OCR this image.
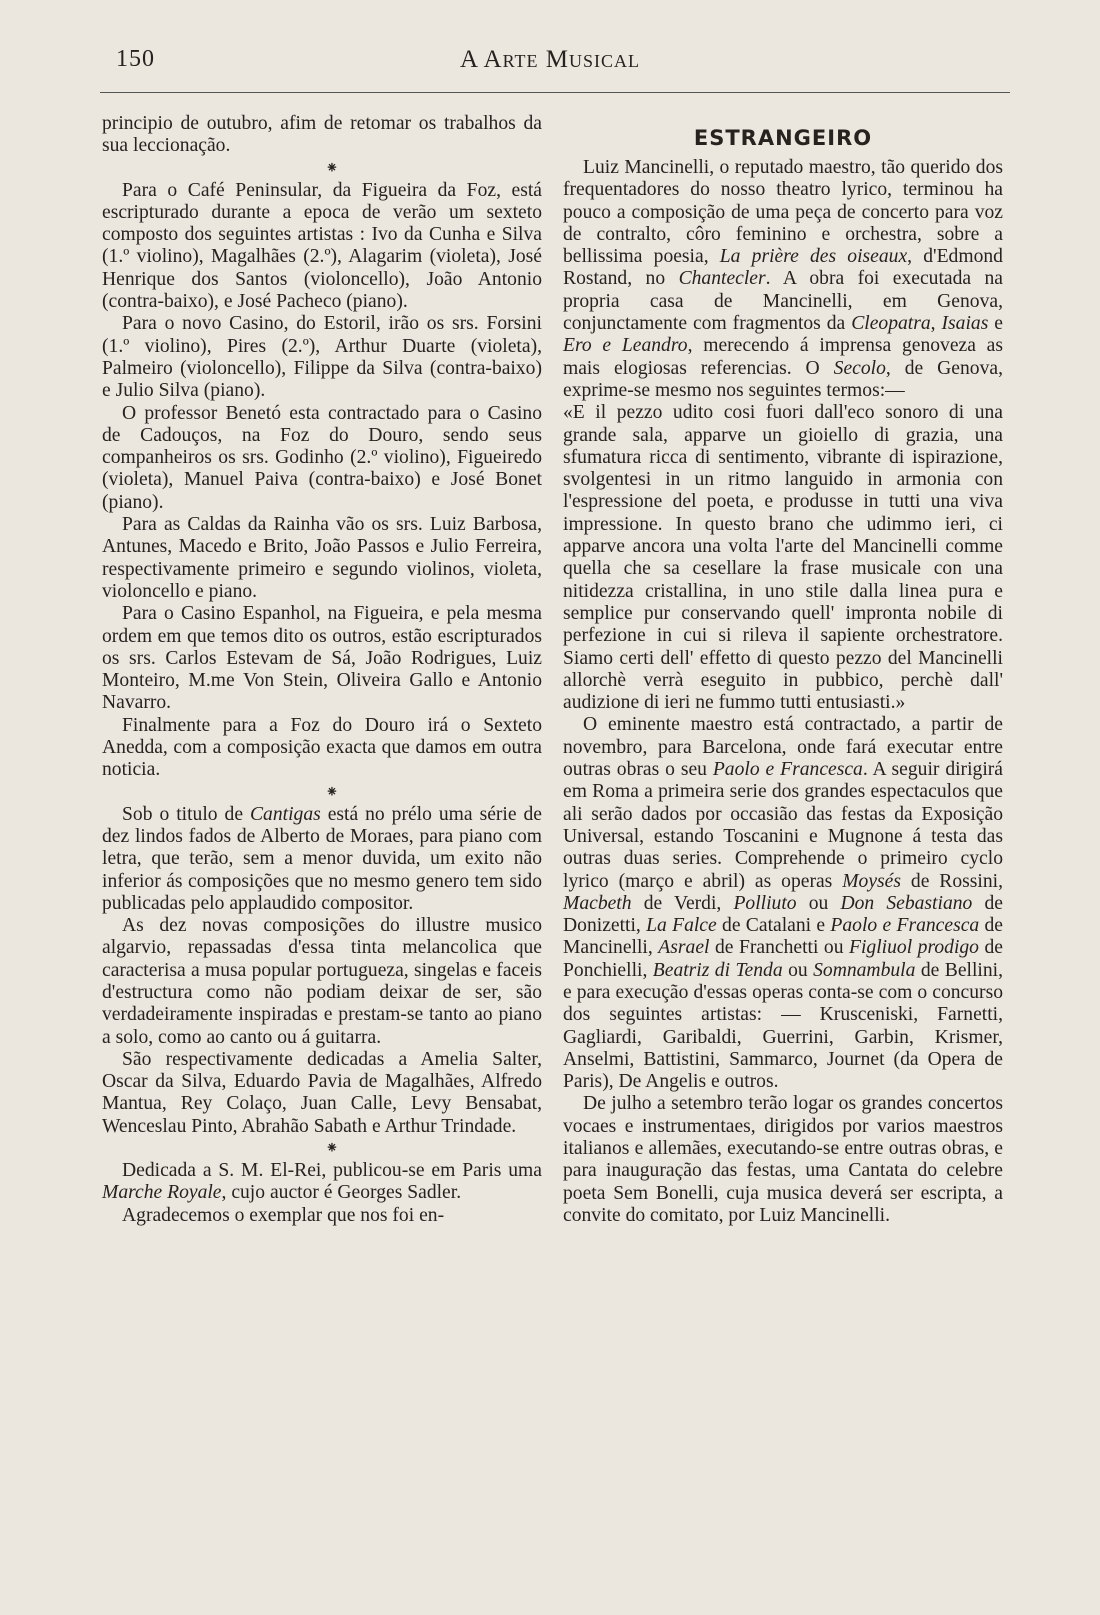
150	A Arte Musical

principio de outubro, afim de retomar os trabalhos da sua leccionação.

⁕

Para o Café Peninsular, da Figueira da Foz, está escripturado durante a epoca de verão um sexteto composto dos seguintes artistas : Ivo da Cunha e Silva (1.º violino), Magalhães (2.º), Alagarim (violeta), José Henrique dos Santos (violoncello), João Antonio (contra-baixo), e José Pacheco (piano).

Para o novo Casino, do Estoril, irão os srs. Forsini (1.º violino), Pires (2.º), Arthur Duarte (violeta), Palmeiro (violoncello), Filippe da Silva (contra-baixo) e Julio Silva (piano).

O professor Benetó esta contractado para o Casino de Cadouços, na Foz do Douro, sendo seus companheiros os srs. Godinho (2.º violino), Figueiredo (violeta), Manuel Paiva (contra-baixo) e José Bonet (piano).

Para as Caldas da Rainha vão os srs. Luiz Barbosa, Antunes, Macedo e Brito, João Passos e Julio Ferreira, respectivamente primeiro e segundo violinos, violeta, violoncello e piano.

Para o Casino Espanhol, na Figueira, e pela mesma ordem em que temos dito os outros, estão escripturados os srs. Carlos Estevam de Sá, João Rodrigues, Luiz Monteiro, M.me Von Stein, Oliveira Gallo e Antonio Navarro.

Finalmente para a Foz do Douro irá o Sexteto Anedda, com a composição exacta que damos em outra noticia.

⁕

Sob o titulo de Cantigas está no prélo uma série de dez lindos fados de Alberto de Moraes, para piano com letra, que terão, sem a menor duvida, um exito não inferior ás composições que no mesmo genero tem sido publicadas pelo applaudido compositor.

As dez novas composições do illustre musico algarvio, repassadas d'essa tinta melancolica que caracterisa a musa popular portugueza, singelas e faceis d'estructura como não podiam deixar de ser, são verdadeiramente inspiradas e prestam-se tanto ao piano a solo, como ao canto ou á guitarra.

São respectivamente dedicadas a Amelia Salter, Oscar da Silva, Eduardo Pavia de Magalhães, Alfredo Mantua, Rey Colaço, Juan Calle, Levy Bensabat, Wenceslau Pinto, Abrahão Sabath e Arthur Trindade.

⁕

Dedicada a S. M. El-Rei, publicou-se em Paris uma Marche Royale, cujo auctor é Georges Sadler.

Agradecemos o exemplar que nos foi en-

ESTRANGEIRO

Luiz Mancinelli, o reputado maestro, tão querido dos frequentadores do nosso theatro lyrico, terminou ha pouco a composição de uma peça de concerto para voz de contralto, côro feminino e orchestra, sobre a bellissima poesia, La prière des oiseaux, d'Edmond Rostand, no Chantecler. A obra foi executada na propria casa de Mancinelli, em Genova, conjunctamente com fragmentos da Cleopatra, Isaias e Ero e Leandro, merecendo á imprensa genoveza as mais elogiosas referencias. O Secolo, de Genova, exprime-se mesmo nos seguintes termos:—

«E il pezzo udito cosi fuori dall'eco sonoro di una grande sala, apparve un gioiello di grazia, una sfumatura ricca di sentimento, vibrante di ispirazione, svolgentesi in un ritmo languido in armonia con l'espressione del poeta, e produsse in tutti una viva impressione. In questo brano che udimmo ieri, ci apparve ancora una volta l'arte del Mancinelli comme quella che sa cesellare la frase musicale con una nitidezza cristallina, in uno stile dalla linea pura e semplice pur conservando quell' impronta nobile di perfezione in cui si rileva il sapiente orchestratore. Siamo certi dell' effetto di questo pezzo del Mancinelli allorchè verrà eseguito in pubbico, perchè dall' audizione di ieri ne fummo tutti entusiasti.»

O eminente maestro está contractado, a partir de novembro, para Barcelona, onde fará executar entre outras obras o seu Paolo e Francesca. A seguir dirigirá em Roma a primeira serie dos grandes espectaculos que ali serão dados por occasião das festas da Exposição Universal, estando Toscanini e Mugnone á testa das outras duas series. Comprehende o primeiro cyclo lyrico (março e abril) as operas Moysés de Rossini, Macbeth de Verdi, Polliuto ou Don Sebastiano de Donizetti, La Falce de Catalani e Paolo e Francesca de Mancinelli, Asrael de Franchetti ou Figliuol prodigo de Ponchielli, Beatriz di Tenda ou Somnambula de Bellini, e para execução d'essas operas conta-se com o concurso dos seguintes artistas: — Krusceniski, Farnetti, Gagliardi, Garibaldi, Guerrini, Garbin, Krismer, Anselmi, Battistini, Sammarco, Journet (da Opera de Paris), De Angelis e outros.

De julho a setembro terão logar os grandes concertos vocaes e instrumentaes, dirigidos por varios maestros italianos e allemães, executando-se entre outras obras, e para inauguração das festas, uma Cantata do celebre poeta Sem Bonelli, cuja musica deverá ser escripta, a convite do comitato, por Luiz Mancinelli.
